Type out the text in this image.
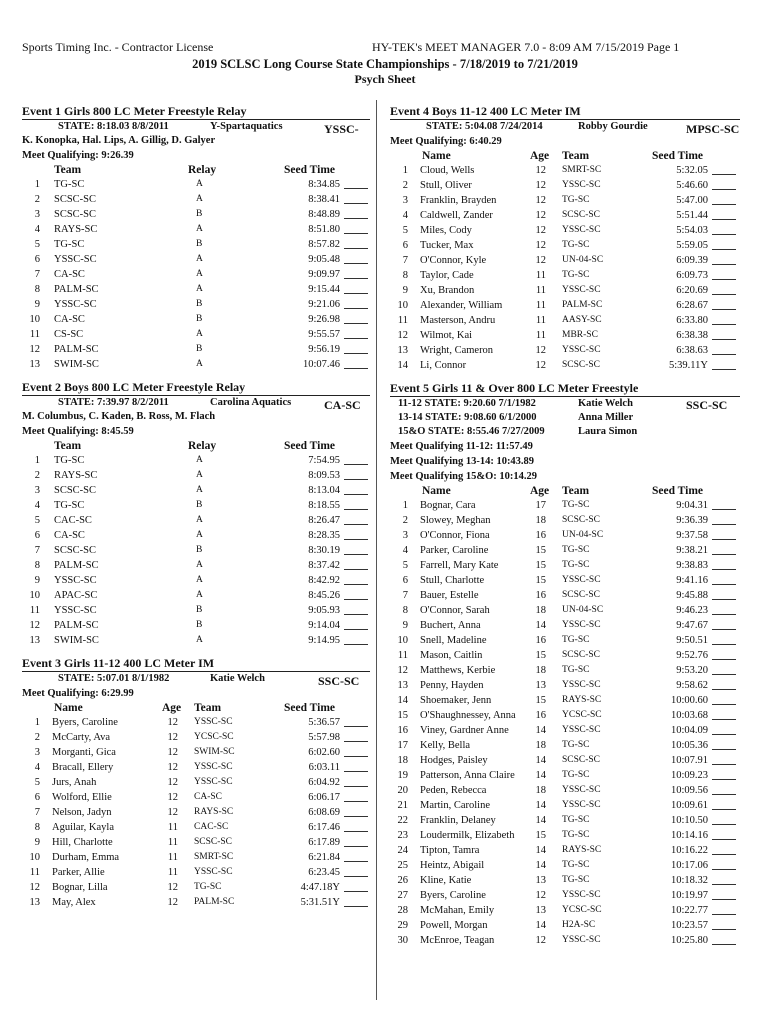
Sports Timing Inc. - Contractor License	HY-TEK's MEET MANAGER 7.0 - 8:09 AM 7/15/2019 Page 1
2019 SCLSC Long Course State Championships - 7/18/2019 to 7/21/2019
Psych Sheet
Event 1 Girls 800 LC Meter Freestyle Relay
STATE: 8:18.03 8/8/2011	Y-Spartaquatics	YSSC-
K. Konopka, Hal. Lips, A. Gillig, D. Galyer
Meet Qualifying: 9:26.39
Team	Relay	Seed Time
1 TG-SC	A	8:34.85
2 SCSC-SC	A	8:38.41
3 SCSC-SC	B	8:48.89
4 RAYS-SC	A	8:51.80
5 TG-SC	B	8:57.82
6 YSSC-SC	A	9:05.48
7 CA-SC	A	9:09.97
8 PALM-SC	A	9:15.44
9 YSSC-SC	B	9:21.06
10 CA-SC	B	9:26.98
11 CS-SC	A	9:55.57
12 PALM-SC	B	9:56.19
13 SWIM-SC	A	10:07.46
Event 2 Boys 800 LC Meter Freestyle Relay
STATE: 7:39.97 8/2/2011	Carolina Aquatics	CA-SC
M. Columbus, C. Kaden, B. Ross, M. Flach
Meet Qualifying: 8:45.59
Team	Relay	Seed Time
1 TG-SC	A	7:54.95
2 RAYS-SC	A	8:09.53
3 SCSC-SC	A	8:13.04
4 TG-SC	B	8:18.55
5 CAC-SC	A	8:26.47
6 CA-SC	A	8:28.35
7 SCSC-SC	B	8:30.19
8 PALM-SC	A	8:37.42
9 YSSC-SC	A	8:42.92
10 APAC-SC	A	8:45.26
11 YSSC-SC	B	9:05.93
12 PALM-SC	B	9:14.04
13 SWIM-SC	A	9:14.95
Event 3 Girls 11-12 400 LC Meter IM
STATE: 5:07.01 8/1/1982	Katie Welch	SSC-SC
Meet Qualifying: 6:29.99
Name	Age Team	Seed Time
1 Byers, Caroline	12 YSSC-SC	5:36.57
2 McCarty, Ava	12 YCSC-SC	5:57.98
3 Morganti, Gica	12 SWIM-SC	6:02.60
4 Bracall, Ellery	12 YSSC-SC	6:03.11
5 Jurs, Anah	12 YSSC-SC	6:04.92
6 Wolford, Ellie	12 CA-SC	6:06.17
7 Nelson, Jadyn	12 RAYS-SC	6:08.69
8 Aguilar, Kayla	11 CAC-SC	6:17.46
9 Hill, Charlotte	11 SCSC-SC	6:17.89
10 Durham, Emma	11 SMRT-SC	6:21.84
11 Parker, Allie	11 YSSC-SC	6:23.45
12 Bognar, Lilla	12 TG-SC	4:47.18Y
13 May, Alex	12 PALM-SC	5:31.51Y
Event 4 Boys 11-12 400 LC Meter IM
STATE: 5:04.08 7/24/2014	Robby Gourdie	MPSC-SC
Meet Qualifying: 6:40.29
Name	Age Team	Seed Time
1 Cloud, Wells	12 SMRT-SC	5:32.05
2 Stull, Oliver	12 YSSC-SC	5:46.60
3 Franklin, Brayden	12 TG-SC	5:47.00
4 Caldwell, Zander	12 SCSC-SC	5:51.44
5 Miles, Cody	12 YSSC-SC	5:54.03
6 Tucker, Max	12 TG-SC	5:59.05
7 O'Connor, Kyle	12 UN-04-SC	6:09.39
8 Taylor, Cade	11 TG-SC	6:09.73
9 Xu, Brandon	11 YSSC-SC	6:20.69
10 Alexander, William	11 PALM-SC	6:28.67
11 Masterson, Andru	11 AASY-SC	6:33.80
12 Wilmot, Kai	11 MBR-SC	6:38.38
13 Wright, Cameron	12 YSSC-SC	6:38.63
14 Li, Connor	12 SCSC-SC	5:39.11Y
Event 5 Girls 11 & Over 800 LC Meter Freestyle
11-12 STATE: 9:20.60 7/1/1982	Katie Welch	SSC-SC
13-14 STATE: 9:08.60 6/1/2000	Anna Miller
15&O STATE: 8:55.46 7/27/2009	Laura Simon
Meet Qualifying 11-12: 11:57.49
Meet Qualifying 13-14: 10:43.89
Meet Qualifying 15&O: 10:14.29
Name	Age Team	Seed Time
1 Bognar, Cara	17 TG-SC	9:04.31
2 Slowey, Meghan	18 SCSC-SC	9:36.39
3 O'Connor, Fiona	16 UN-04-SC	9:37.58
4 Parker, Caroline	15 TG-SC	9:38.21
5 Farrell, Mary Kate	15 TG-SC	9:38.83
6 Stull, Charlotte	15 YSSC-SC	9:41.16
7 Bauer, Estelle	16 SCSC-SC	9:45.88
8 O'Connor, Sarah	18 UN-04-SC	9:46.23
9 Buchert, Anna	14 YSSC-SC	9:47.67
10 Snell, Madeline	16 TG-SC	9:50.51
11 Mason, Caitlin	15 SCSC-SC	9:52.76
12 Matthews, Kerbie	18 TG-SC	9:53.20
13 Penny, Hayden	13 YSSC-SC	9:58.62
14 Shoemaker, Jenn	15 RAYS-SC	10:00.60
15 O'Shaughnessey, Anna	16 YCSC-SC	10:03.68
16 Viney, Gardner Anne	14 YSSC-SC	10:04.09
17 Kelly, Bella	18 TG-SC	10:05.36
18 Hodges, Paisley	14 SCSC-SC	10:07.91
19 Patterson, Anna Claire	14 TG-SC	10:09.23
20 Peden, Rebecca	18 YSSC-SC	10:09.56
21 Martin, Caroline	14 YSSC-SC	10:09.61
22 Franklin, Delaney	14 TG-SC	10:10.50
23 Loudermilk, Elizabeth	15 TG-SC	10:14.16
24 Tipton, Tamra	14 RAYS-SC	10:16.22
25 Heintz, Abigail	14 TG-SC	10:17.06
26 Kline, Katie	13 TG-SC	10:18.32
27 Byers, Caroline	12 YSSC-SC	10:19.97
28 McMahan, Emily	13 YCSC-SC	10:22.77
29 Powell, Morgan	14 H2A-SC	10:23.57
30 McEnroe, Teagan	12 YSSC-SC	10:25.80
